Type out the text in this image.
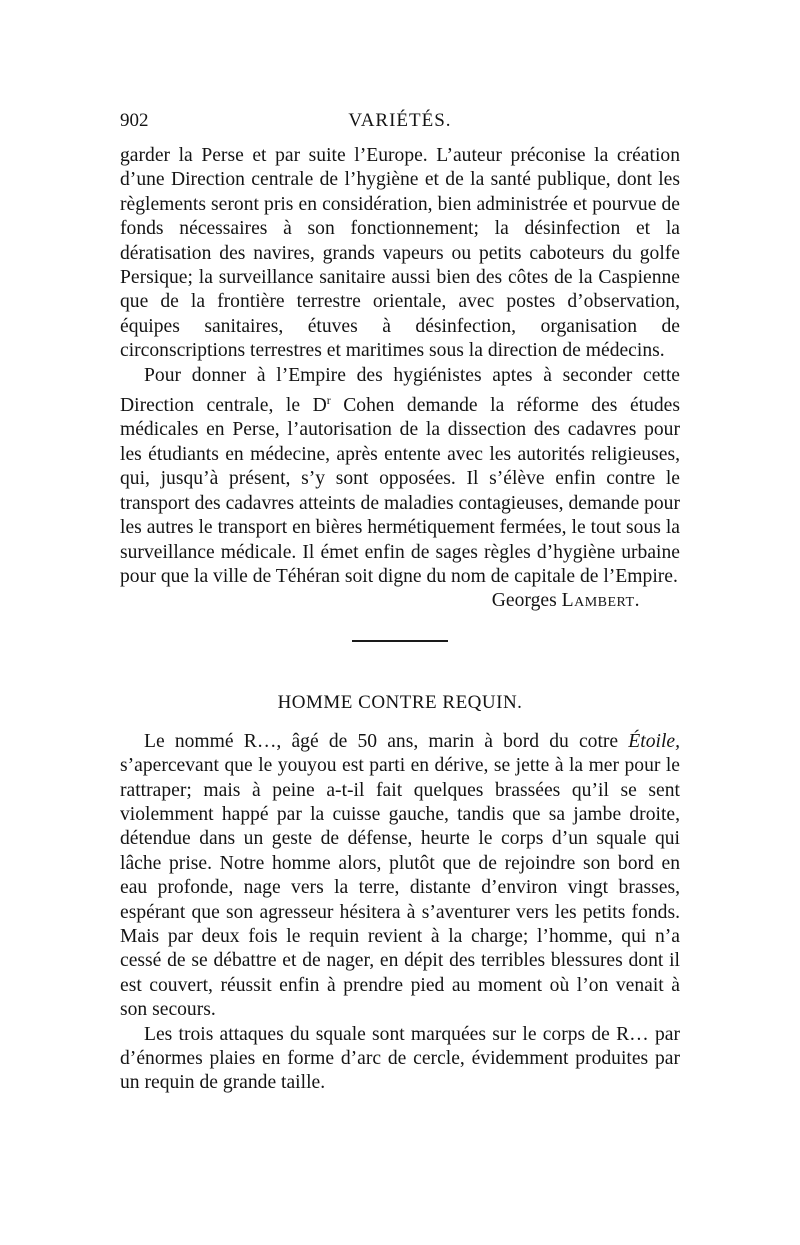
902	VARIÉTÉS.

garder la Perse et par suite l’Europe. L’auteur préconise la création d’une Direction centrale de l’hygiène et de la santé publique, dont les règlements seront pris en considération, bien administrée et pourvue de fonds nécessaires à son fonctionnement; la désinfection et la dératisation des navires, grands vapeurs ou petits caboteurs du golfe Persique; la surveillance sanitaire aussi bien des côtes de la Caspienne que de la frontière terrestre orientale, avec postes d’observation, équipes sanitaires, étuves à désinfection, organisation de circonscriptions terrestres et maritimes sous la direction de médecins.

Pour donner à l’Empire des hygiénistes aptes à seconder cette Direction centrale, le $D^r$ Cohen demande la réforme des études médicales en Perse, l’autorisation de la dissection des cadavres pour les étudiants en médecine, après entente avec les autorités religieuses, qui, jusqu’à présent, s’y sont opposées. Il s’élève enfin contre le transport des cadavres atteints de maladies contagieuses, demande pour les autres le transport en bières hermétiquement fermées, le tout sous la surveillance médicale. Il émet enfin de sages règles d’hygiène urbaine pour que la ville de Téhéran soit digne du nom de capitale de l’Empire.

Georges Lambert.
HOMME CONTRE REQUIN.

Le nommé R…, âgé de 50 ans, marin à bord du cotre Étoile, s’apercevant que le youyou est parti en dérive, se jette à la mer pour le rattraper; mais à peine a-t-il fait quelques brassées qu’il se sent violemment happé par la cuisse gauche, tandis que sa jambe droite, détendue dans un geste de défense, heurte le corps d’un squale qui lâche prise. Notre homme alors, plutôt que de rejoindre son bord en eau profonde, nage vers la terre, distante d’environ vingt brasses, espérant que son agresseur hésitera à s’aventurer vers les petits fonds. Mais par deux fois le requin revient à la charge; l’homme, qui n’a cessé de se débattre et de nager, en dépit des terribles blessures dont il est couvert, réussit enfin à prendre pied au moment où l’on venait à son secours.

Les trois attaques du squale sont marquées sur le corps de R… par d’énormes plaies en forme d’arc de cercle, évidemment produites par un requin de grande taille.
